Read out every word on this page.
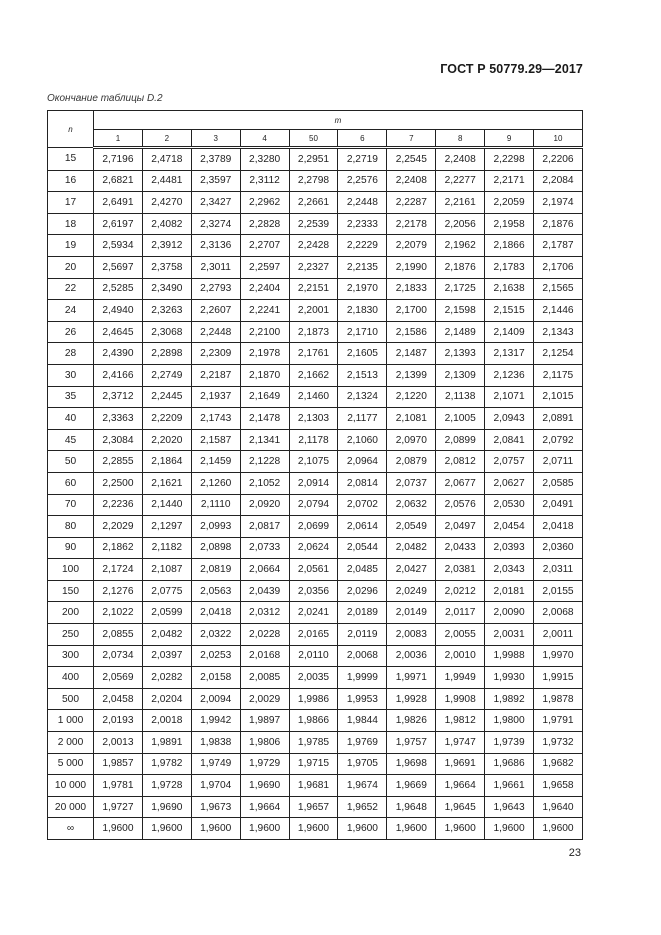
ГОСТ Р 50779.29—2017
Окончание таблицы D.2
n	m									
	1	2	3	4	50	6	7	8	9	10
15	2,7196	2,4718	2,3789	2,3280	2,2951	2,2719	2,2545	2,2408	2,2298	2,2206
16	2,6821	2,4481	2,3597	2,3112	2,2798	2,2576	2,2408	2,2277	2,2171	2,2084
17	2,6491	2,4270	2,3427	2,2962	2,2661	2,2448	2,2287	2,2161	2,2059	2,1974
18	2,6197	2,4082	2,3274	2,2828	2,2539	2,2333	2,2178	2,2056	2,1958	2,1876
19	2,5934	2,3912	2,3136	2,2707	2,2428	2,2229	2,2079	2,1962	2,1866	2,1787
20	2,5697	2,3758	2,3011	2,2597	2,2327	2,2135	2,1990	2,1876	2,1783	2,1706
22	2,5285	2,3490	2,2793	2,2404	2,2151	2,1970	2,1833	2,1725	2,1638	2,1565
24	2,4940	2,3263	2,2607	2,2241	2,2001	2,1830	2,1700	2,1598	2,1515	2,1446
26	2,4645	2,3068	2,2448	2,2100	2,1873	2,1710	2,1586	2,1489	2,1409	2,1343
28	2,4390	2,2898	2,2309	2,1978	2,1761	2,1605	2,1487	2,1393	2,1317	2,1254
30	2,4166	2,2749	2,2187	2,1870	2,1662	2,1513	2,1399	2,1309	2,1236	2,1175
35	2,3712	2,2445	2,1937	2,1649	2,1460	2,1324	2,1220	2,1138	2,1071	2,1015
40	2,3363	2,2209	2,1743	2,1478	2,1303	2,1177	2,1081	2,1005	2,0943	2,0891
45	2,3084	2,2020	2,1587	2,1341	2,1178	2,1060	2,0970	2,0899	2,0841	2,0792
50	2,2855	2,1864	2,1459	2,1228	2,1075	2,0964	2,0879	2,0812	2,0757	2,0711
60	2,2500	2,1621	2,1260	2,1052	2,0914	2,0814	2,0737	2,0677	2,0627	2,0585
70	2,2236	2,1440	2,1110	2,0920	2,0794	2,0702	2,0632	2,0576	2,0530	2,0491
80	2,2029	2,1297	2,0993	2,0817	2,0699	2,0614	2,0549	2,0497	2,0454	2,0418
90	2,1862	2,1182	2,0898	2,0733	2,0624	2,0544	2,0482	2,0433	2,0393	2,0360
100	2,1724	2,1087	2,0819	2,0664	2,0561	2,0485	2,0427	2,0381	2,0343	2,0311
150	2,1276	2,0775	2,0563	2,0439	2,0356	2,0296	2,0249	2,0212	2,0181	2,0155
200	2,1022	2,0599	2,0418	2,0312	2,0241	2,0189	2,0149	2,0117	2,0090	2,0068
250	2,0855	2,0482	2,0322	2,0228	2,0165	2,0119	2,0083	2,0055	2,0031	2,0011
300	2,0734	2,0397	2,0253	2,0168	2,0110	2,0068	2,0036	2,0010	1,9988	1,9970
400	2,0569	2,0282	2,0158	2,0085	2,0035	1,9999	1,9971	1,9949	1,9930	1,9915
500	2,0458	2,0204	2,0094	2,0029	1,9986	1,9953	1,9928	1,9908	1,9892	1,9878
1 000	2,0193	2,0018	1,9942	1,9897	1,9866	1,9844	1,9826	1,9812	1,9800	1,9791
2 000	2,0013	1,9891	1,9838	1,9806	1,9785	1,9769	1,9757	1,9747	1,9739	1,9732
5 000	1,9857	1,9782	1,9749	1,9729	1,9715	1,9705	1,9698	1,9691	1,9686	1,9682
10 000	1,9781	1,9728	1,9704	1,9690	1,9681	1,9674	1,9669	1,9664	1,9661	1,9658
20 000	1,9727	1,9690	1,9673	1,9664	1,9657	1,9652	1,9648	1,9645	1,9643	1,9640
∞	1,9600	1,9600	1,9600	1,9600	1,9600	1,9600	1,9600	1,9600	1,9600	1,9600
23
